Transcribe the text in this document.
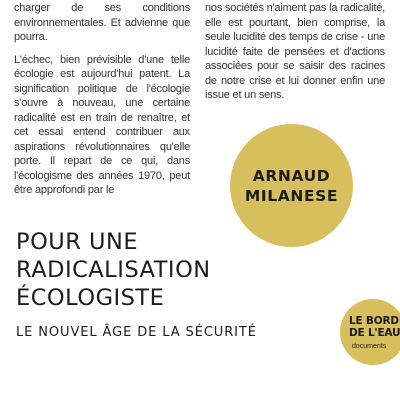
charger de ses conditions environnementales. Et advienne que pourra.

L'échec, bien prévisible d'une telle écologie est aujourd'hui patent. La signification politique de l'écologie s'ouvre à nouveau, une certaine radicalité est en train de renaître, et cet essai entend contribuer aux aspirations révolutionnaires qu'elle porte. Il repart de ce qui, dans l'écologisme des années 1970, peut être approfondi par le

nos sociétés n'aiment pas la radicalité, elle est pourtant, bien comprise, la seule lucidité des temps de crise - une lucidité faite de pensées et d'actions associées pour se saisir des racines de notre crise et lui donner enfin une issue et un sens.

ARNAUD
MILANESE
POUR UNE
RADICALISATION
ÉCOLOGISTE
LE NOUVEL ÂGE DE LA SÉCURITÉ
LE BORD
DE L'EAU
documents
